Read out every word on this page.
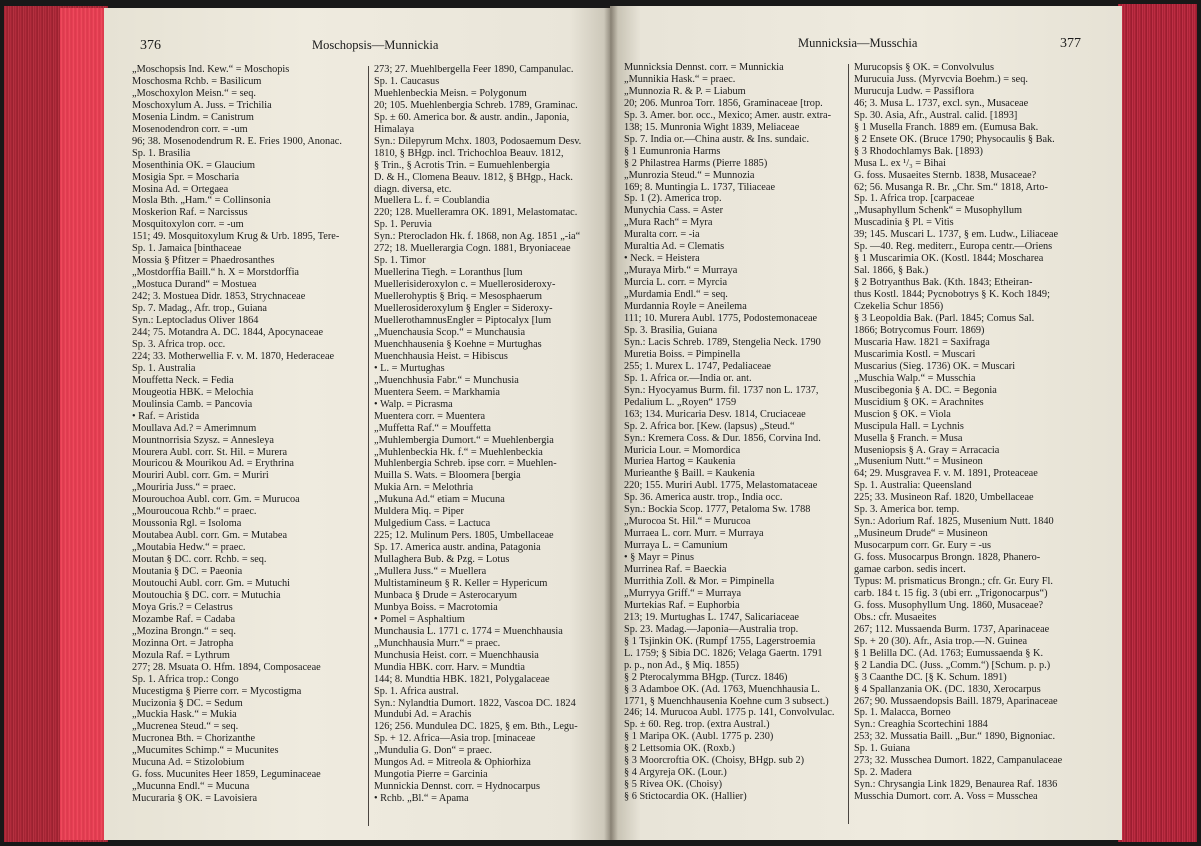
376	Moschopsis—Munnickia
„Moschopsis Ind. Kew.“ = Moschopis
Moschosma Rchb. = Basilicum
„Moschoxylon Meisn.“ = seq.
Moschoxylum A. Juss. = Trichilia
Mosenia Lindm. = Canistrum
Mosenodendron corr. = -um
96; 38. Mosenodendrum R. E. Fries 1900, Anonac.
Sp. 1. Brasilia
Mosenthinia OK. = Glaucium
Mosigia Spr. = Moscharia
Mosina Ad. = Ortegaea
Mosla Bth. „Ham.“ = Collinsonia
Moskerion Raf. = Narcissus
Mosquitoxylon corr. = -um
151; 49. Mosquitoxylum Krug & Urb. 1895, Tere-
Sp. 1. Jamaica [binthaceae
Mossia § Pfitzer = Phaedrosanthes
„Mostdorffia Baill.“ h. X = Morstdorffia
„Mostuca Durand“ = Mostuea
242; 3. Mostuea Didr. 1853, Strychnaceae
Sp. 7. Madag., Afr. trop., Guiana
Syn.: Leptocladus Oliver 1864
244; 75. Motandra A. DC. 1844, Apocynaceae
Sp. 3. Africa trop. occ.
224; 33. Motherwellia F. v. M. 1870, Hederaceae
Sp. 1. Australia
Mouffetta Neck. = Fedia
Mougeotia HBK. = Melochia
Moulinsia Camb. = Pancovia
• Raf. = Aristida
Moullava Ad.? = Amerimnum
Mountnorrisia Szysz. = Annesleya
Mourera Aubl. corr. St. Hil. = Murera
Mouricou & Mourikou Ad. = Erythrina
Mouriri Aubl. corr. Gm. = Muriri
„Mouriria Juss.“ = praec.
Mourouchoa Aubl. corr. Gm. = Murucoa
„Mouroucoua Rchb.“ = praec.
Moussonia Rgl. = Isoloma
Moutabea Aubl. corr. Gm. = Mutabea
„Moutabia Hedw.“ = praec.
Moutan § DC. corr. Rchb. = seq.
Moutania § DC. = Paeonia
Moutouchi Aubl. corr. Gm. = Mutuchi
Moutouchia § DC. corr. = Mutuchia
Moya Gris.? = Celastrus
Mozambe Raf. = Cadaba
„Mozina Brongn.“ = seq.
Mozinna Ort. = Jatropha
Mozula Raf. = Lythrum
277; 28. Msuata O. Hfm. 1894, Composaceae
Sp. 1. Africa trop.: Congo
Mucestigma § Pierre corr. = Mycostigma
Mucizonia § DC. = Sedum
„Muckia Hask.“ = Mukia
„Mucrenea Steud.“ = seq.
Mucronea Bth. = Chorizanthe
„Mucumites Schimp.“ = Mucunites
Mucuna Ad. = Stizolobium
G. foss. Mucunites Heer 1859, Leguminaceae
„Mucunna Endl.“ = Mucuna
Mucuraria § OK. = Lavoisiera
273; 27. Muehlbergella Feer 1890, Campanulac.
Sp. 1. Caucasus
Muehlenbeckia Meisn. = Polygonum
20; 105. Muehlenbergia Schreb. 1789, Graminac.
Sp. ± 60. America bor. & austr. andin., Japonia,
Himalaya
Syn.: Dilepyrum Mchx. 1803, Podosaemum Desv.
1810, § BHgp. incl. Trichochloa Beauv. 1812,
§ Trin., § Acrotis Trin. = Eumuehlenbergia
D. & H., Clomena Beauv. 1812, § BHgp., Hack.
diagn. diversa, etc.
Muellera L. f. = Coublandia
220; 128. Muelleramra OK. 1891, Melastomatac.
Sp. 1. Peruvia
Syn.: Pterocladon Hk. f. 1868, non Ag. 1851 „-ia“
272; 18. Muellerargia Cogn. 1881, Bryoniaceae
Sp. 1. Timor
Muellerina Tiegh. = Loranthus [lum
Muellerisideroxylon c. = Muellerosideroxy-
Muellerohyptis § Briq. = Mesosphaerum
Muellerosideroxylum § Engler = Sideroxy-
MuellerothamnusEngler = Piptocalyx [lum
„Muenchausia Scop.“ = Munchausia
Muenchhausenia § Koehne = Murtughas
Muenchhausia Heist. = Hibiscus
• L. = Murtughas
„Muenchhusia Fabr.“ = Munchusia
Muentera Seem. = Markhamia
• Walp. = Picrasma
Muentera corr. = Muentera
„Muffetta Raf.“ = Mouffetta
„Muhlembergia Dumort.“ = Muehlenbergia
„Muhlenbeckia Hk. f.“ = Muehlenbeckia
Muhlenbergia Schreb. ipse corr. = Muehlen-
Muilla S. Wats. = Bloomera [bergia
Mukia Arn. = Melothria
„Mukuna Ad.“ etiam = Mucuna
Muldera Miq. = Piper
Mulgedium Cass. = Lactuca
225; 12. Mulinum Pers. 1805, Umbellaceae
Sp. 17. America austr. andina, Patagonia
Mullaghera Bub. & Pzg. = Lotus
„Mullera Juss.“ = Muellera
Multistamineum § R. Keller = Hypericum
Munbaca § Drude = Asterocaryum
Munbya Boiss. = Macrotomia
• Pomel = Asphaltium
Munchausia L. 1771 c. 1774 = Muenchhausia
„Munchhausia Murr.“ = praec.
Munchusia Heist. corr. = Muenchhausia
Mundia HBK. corr. Harv. = Mundtia
144; 8. Mundtia HBK. 1821, Polygalaceae
Sp. 1. Africa austral.
Syn.: Nylandtia Dumort. 1822, Vascoa DC. 1824
Mundubi Ad. = Arachis
126; 256. Mundulea DC. 1825, § em. Bth., Legu-
Sp. + 12. Africa—Asia trop. [minaceae
„Mundulia G. Don“ = praec.
Mungos Ad. = Mitreola & Ophiorhiza
Mungotia Pierre = Garcinia
Munnickia Dennst. corr. = Hydnocarpus
• Rchb. „Bl.“ = Apama
Munnicksia—Musschia	377
Munnicksia Dennst. corr. = Munnickia
„Munnikia Hask.“ = praec.
„Munnozia R. & P. = Liabum
20; 206. Munroa Torr. 1856, Graminaceae [trop.
Sp. 3. Amer. bor. occ., Mexico; Amer. austr. extra-
138; 15. Munronia Wight 1839, Meliaceae
Sp. 7. India or.—China austr. & Ins. sundaic.
§ 1 Eumunronia Harms
§ 2 Philastrea Harms (Pierre 1885)
„Munrozia Steud.“ = Munnozia
169; 8. Muntingia L. 1737, Tiliaceae
Sp. 1 (2). America trop.
Munychia Cass. = Aster
„Mura Rach“ = Myra
Muralta corr. = -ia
Muraltia Ad. = Clematis
• Neck. = Heistera
„Muraya Mirb.“ = Murraya
Murcia L. corr. = Myrcia
„Murdamia Endl.“ = seq.
Murdannia Royle = Aneilema
111; 10. Murera Aubl. 1775, Podostemonaceae
Sp. 3. Brasilia, Guiana
Syn.: Lacis Schreb. 1789, Stengelia Neck. 1790
Muretia Boiss. = Pimpinella
255; 1. Murex L. 1747, Pedaliaceae
Sp. 1. Africa or.—India or. ant.
Syn.: Hyocyamus Burm. fil. 1737 non L. 1737,
Pedalium L. „Royen“ 1759
163; 134. Muricaria Desv. 1814, Cruciaceae
Sp. 2. Africa bor. [Kew. (lapsus) „Steud.“
Syn.: Kremera Coss. & Dur. 1856, Corvina Ind.
Muricia Lour. = Momordica
Muriea Hartog = Kaukenia
Murieanthe § Baill. = Kaukenia
220; 155. Muriri Aubl. 1775, Melastomataceae
Sp. 36. America austr. trop., India occ.
Syn.: Bockia Scop. 1777, Petaloma Sw. 1788
„Murocoa St. Hil.“ = Murucoa
Murraea L. corr. Murr. = Murraya
Murraya L. = Camunium
• § Mayr = Pinus
Murrinea Raf. = Baeckia
Murrithia Zoll. & Mor. = Pimpinella
„Murryya Griff.“ = Murraya
Murtekias Raf. = Euphorbia
213; 19. Murtughas L. 1747, Salicariaceae
Sp. 23. Madag.—Japonia—Australia trop.
§ 1 Tsjinkin OK. (Rumpf 1755, Lagerstroemia
L. 1759; § Sibia DC. 1826; Velaga Gaertn. 1791
p. p., non Ad., § Miq. 1855)
§ 2 Pterocalymma BHgp. (Turcz. 1846)
§ 3 Adamboe OK. (Ad. 1763, Muenchhausia L.
1771, § Muenchhausenia Koehne cum 3 subsect.)
246; 14. Murucoa Aubl. 1775 p. 141, Convolvulac.
Sp. ± 60. Reg. trop. (extra Austral.)
§ 1 Maripa OK. (Aubl. 1775 p. 230)
§ 2 Lettsomia OK. (Roxb.)
§ 3 Moorcroftia OK. (Choisy, BHgp. sub 2)
§ 4 Argyreja OK. (Lour.)
§ 5 Rivea OK. (Choisy)
§ 6 Stictocardia OK. (Hallier)
Murucopsis § OK. = Convolvulus
Murucuia Juss. (Myrvcvia Boehm.) = seq.
Murucuja Ludw. = Passiflora
46; 3. Musa L. 1737, excl. syn., Musaceae
Sp. 30. Asia, Afr., Austral. calid. [1893]
§ 1 Musella Franch. 1889 em. (Eumusa Bak.
§ 2 Ensete OK. (Bruce 1790; Physocaulis § Bak.
§ 3 Rhodochlamys Bak. [1893)
Musa L. ex ¹/₃ = Bihai
G. foss. Musaeites Sternb. 1838, Musaceae?
62; 56. Musanga R. Br. „Chr. Sm.“ 1818, Arto-
Sp. 1. Africa trop. [carpaceae
„Musaphyllum Schenk“ = Musophyllum
Muscadinia § Pl. = Vitis
39; 145. Muscari L. 1737, § em. Ludw., Liliaceae
Sp. —40. Reg. mediterr., Europa centr.—Oriens
§ 1 Muscarimia OK. (Kostl. 1844; Moscharea
Sal. 1866, § Bak.)
§ 2 Botryanthus Bak. (Kth. 1843; Etheiran-
thus Kostl. 1844; Pycnobotrys § K. Koch 1849;
Czekelia Schur 1856)
§ 3 Leopoldia Bak. (Parl. 1845; Comus Sal.
1866; Botrycomus Fourr. 1869)
Muscaria Haw. 1821 = Saxifraga
Muscarimia Kostl. = Muscari
Muscarius (Sieg. 1736) OK. = Muscari
„Muschia Walp.“ = Musschia
Muscibegonia § A. DC. = Begonia
Muscidium § OK. = Arachnites
Muscion § OK. = Viola
Muscipula Hall. = Lychnis
Musella § Franch. = Musa
Museniopsis § A. Gray = Arracacia
„Musenium Nutt.“ = Musineon
64; 29. Musgravea F. v. M. 1891, Proteaceae
Sp. 1. Australia: Queensland
225; 33. Musineon Raf. 1820, Umbellaceae
Sp. 3. America bor. temp.
Syn.: Adorium Raf. 1825, Musenium Nutt. 1840
„Musineum Drude“ = Musineon
Musocarpum corr. Gr. Eury = -us
G. foss. Musocarpus Brongn. 1828, Phanero-
gamae carbon. sedis incert.
Typus: M. prismaticus Brongn.; cfr. Gr. Eury Fl.
carb. 184 t. 15 fig. 3 (ubi err. „Trigonocarpus“)
G. foss. Musophyllum Ung. 1860, Musaceae?
Obs.: cfr. Musaeites
267; 112. Mussaenda Burm. 1737, Aparinaceae
Sp. + 20 (30). Afr., Asia trop.—N. Guinea
§ 1 Belilla DC. (Ad. 1763; Eumussaenda § K.
§ 2 Landia DC. (Juss. „Comm.“) [Schum. p. p.)
§ 3 Caanthe DC. [§ K. Schum. 1891)
§ 4 Spallanzania OK. (DC. 1830, Xerocarpus
267; 90. Mussaendopsis Baill. 1879, Aparinaceae
Sp. 1. Malacca, Borneo
Syn.: Creaghia Scortechini 1884
253; 32. Mussatia Baill. „Bur.“ 1890, Bignoniac.
Sp. 1. Guiana
273; 32. Musschea Dumort. 1822, Campanulaceae
Sp. 2. Madera
Syn.: Chrysangia Link 1829, Benaurea Raf. 1836
Musschia Dumort. corr. A. Voss = Musschea
